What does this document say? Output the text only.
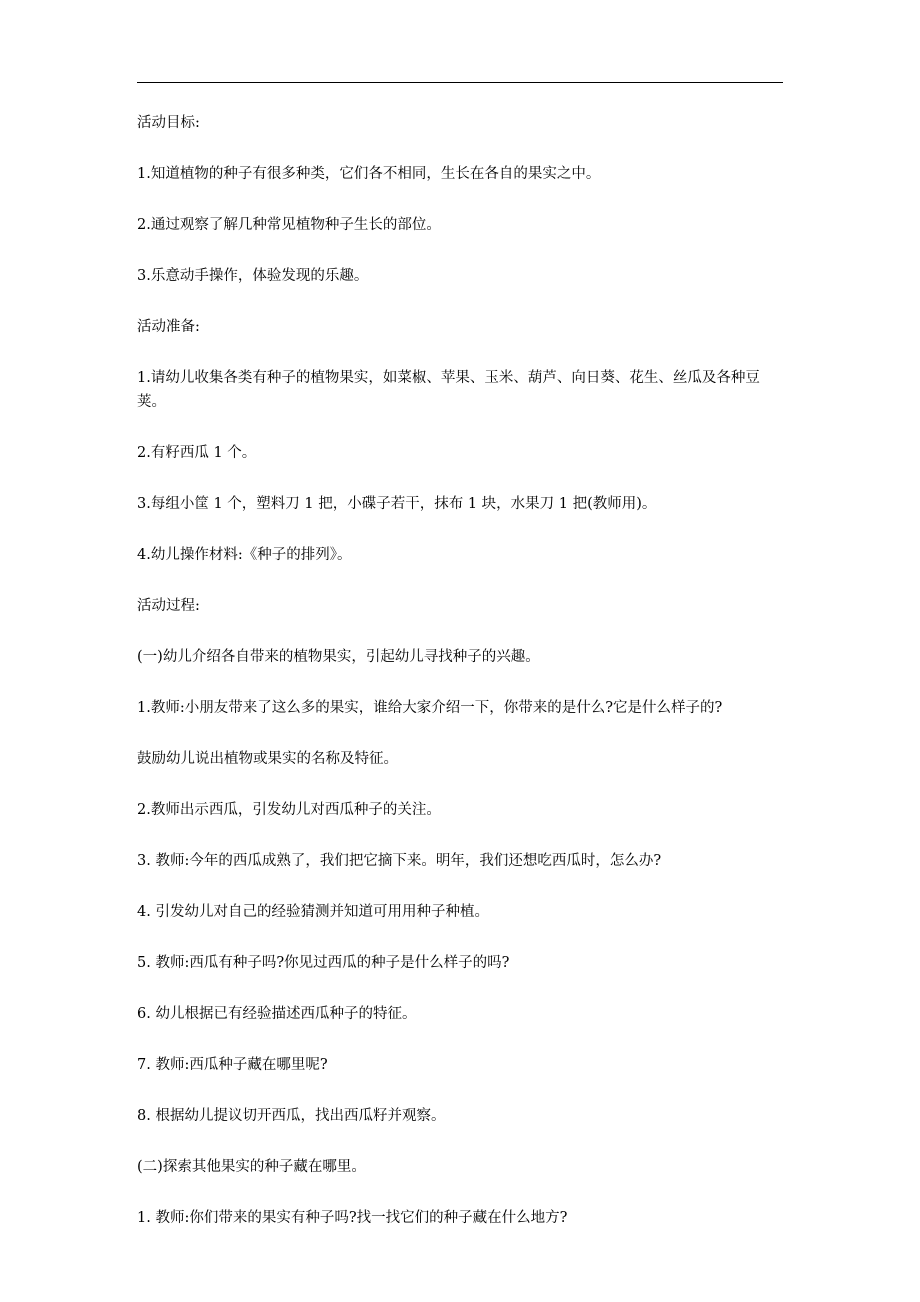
活动目标:

1.知道植物的种子有很多种类，它们各不相同，生长在各自的果实之中。

2.通过观察了解几种常见植物种子生长的部位。

3.乐意动手操作，体验发现的乐趣。

活动准备:

1.请幼儿收集各类有种子的植物果实，如菜椒、苹果、玉米、葫芦、向日葵、花生、丝瓜及各种豆荚。

2.有籽西瓜 1 个。

3.每组小筐 1 个，塑料刀 1 把，小碟子若干，抹布 1 块，水果刀 1 把(教师用)。

4.幼儿操作材料:《种子的排列》。

活动过程:

(一)幼儿介绍各自带来的植物果实，引起幼儿寻找种子的兴趣。

1.教师:小朋友带来了这么多的果实，谁给大家介绍一下，你带来的是什么?它是什么样子的?

鼓励幼儿说出植物或果实的名称及特征。

2.教师出示西瓜，引发幼儿对西瓜种子的关注。

3. 教师:今年的西瓜成熟了，我们把它摘下来。明年，我们还想吃西瓜时，怎么办?

4. 引发幼儿对自己的经验猜测并知道可用用种子种植。

5. 教师:西瓜有种子吗?你见过西瓜的种子是什么样子的吗?

6. 幼儿根据已有经验描述西瓜种子的特征。

7. 教师:西瓜种子藏在哪里呢?

8. 根据幼儿提议切开西瓜，找出西瓜籽并观察。

(二)探索其他果实的种子藏在哪里。

1. 教师:你们带来的果实有种子吗?找一找它们的种子藏在什么地方?
